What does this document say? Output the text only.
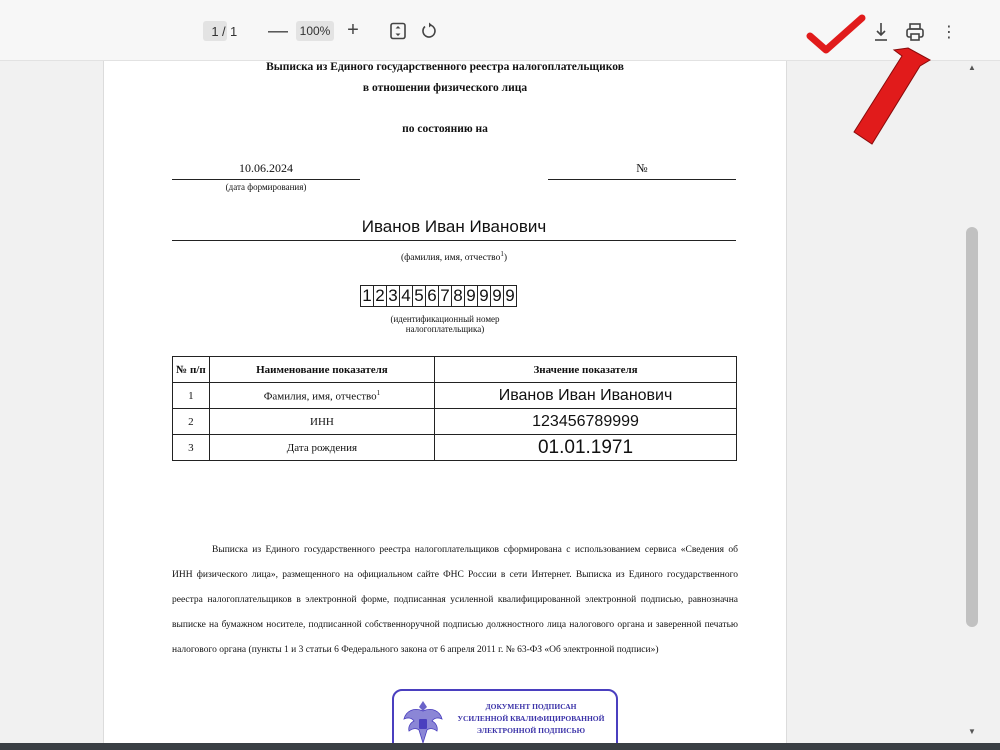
1 / 1 — 100% +	⋮
Выписка из Единого государственного реестра налогоплательщиков
в отношении физического лица
по состоянию на
10.06.2024
(дата формирования)
№
Иванов Иван Иванович
(фамилия, имя, отчество$^1$)
1 2 3 4 5 6 7 8 9 9 9 9
(идентификационный номер
налогоплательщика)
№ п/п	Наименование показателя	Значение показателя
1	Фамилия, имя, отчество$^1$	Иванов Иван Иванович
2	ИНН	123456789999
3	Дата рождения	01.01.1971
Выписка из Единого государственного реестра налогоплательщиков сформирована с использованием сервиса «Сведения об ИНН физического лица», размещенного на официальном сайте ФНС России в сети Интернет. Выписка из Единого государственного реестра налогоплательщиков в электронной форме, подписанная усиленной квалифицированной электронной подписью, равнозначна выписке на бумажном носителе, подписанной собственноручной подписью должностного лица налогового органа и заверенной печатью налогового органа (пункты 1 и 3 статьи 6 Федерального закона от 6 апреля 2011 г. № 63-ФЗ «Об электронной подписи»)
ДОКУМЕНТ ПОДПИСАН
УСИЛЕННОЙ КВАЛИФИЦИРОВАННОЙ
ЭЛЕКТРОННОЙ ПОДПИСЬЮ
▲
▼
